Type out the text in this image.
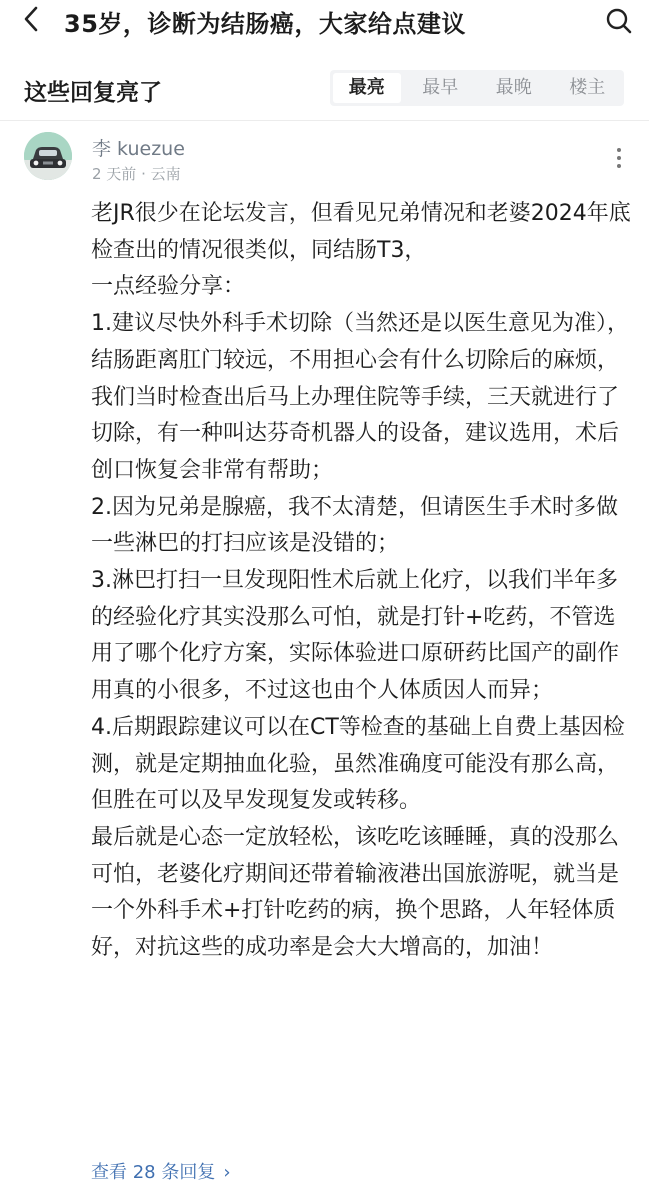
35岁，诊断为结肠癌，大家给点建议
这些回复亮了	最亮	最早	最晚	楼主
李 kuezue
2 天前 · 云南

老JR很少在论坛发言，但看见兄弟情况和老婆2024年底检查出的情况很类似，同结肠T3，

一点经验分享：

1.建议尽快外科手术切除（当然还是以医生意见为准），结肠距离肛门较远，不用担心会有什么切除后的麻烦，我们当时检查出后马上办理住院等手续，三天就进行了切除，有一种叫达芬奇机器人的设备，建议选用，术后创口恢复会非常有帮助；

2.因为兄弟是腺癌，我不太清楚，但请医生手术时多做一些淋巴的打扫应该是没错的；

3.淋巴打扫一旦发现阳性术后就上化疗，以我们半年多的经验化疗其实没那么可怕，就是打针+吃药，不管选用了哪个化疗方案，实际体验进口原研药比国产的副作用真的小很多，不过这也由个人体质因人而异；

4.后期跟踪建议可以在CT等检查的基础上自费上基因检测，就是定期抽血化验，虽然准确度可能没有那么高，但胜在可以及早发现复发或转移。

最后就是心态一定放轻松，该吃吃该睡睡，真的没那么可怕，老婆化疗期间还带着输液港出国旅游呢，就当是一个外科手术+打针吃药的病，换个思路，人年轻体质好，对抗这些的成功率是会大大增高的，加油！

查看 28 条回复 ›
